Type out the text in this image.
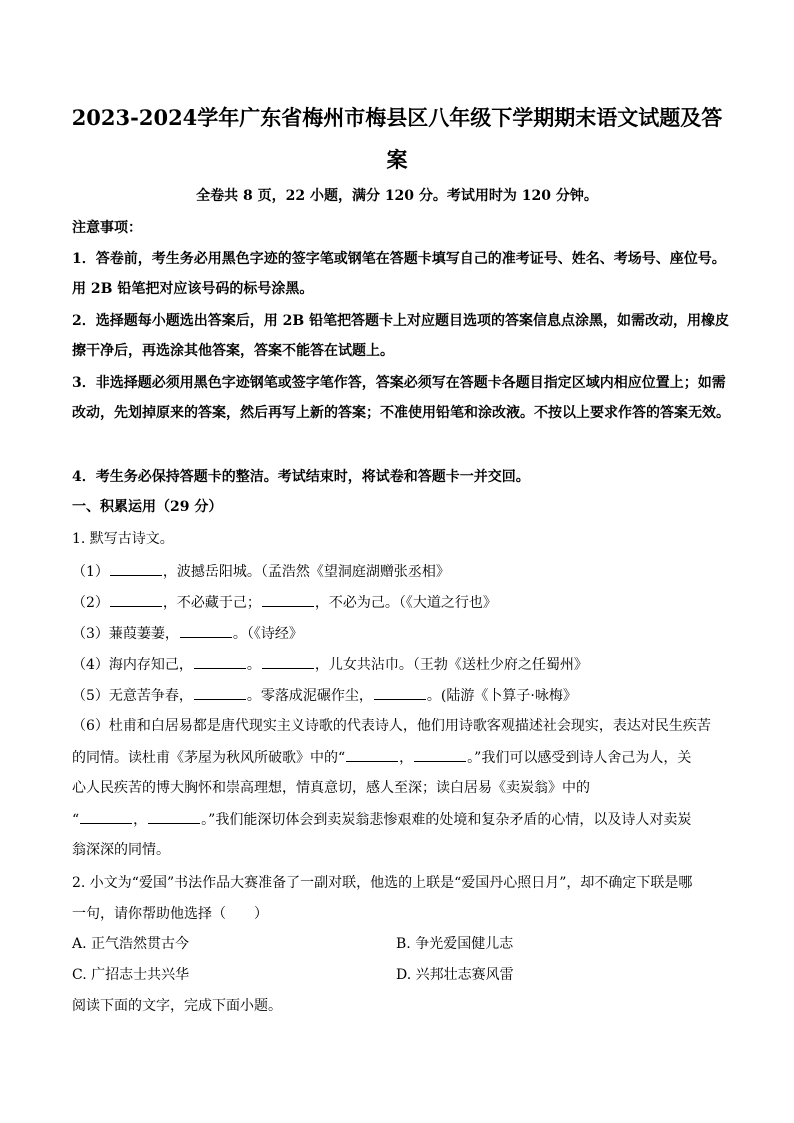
2023-2024学年广东省梅州市梅县区八年级下学期期末语文试题及答
案
全卷共 8 页，22 小题，满分 120 分。考试用时为 120 分钟。
注意事项：
1．答卷前，考生务必用黑色字迹的签字笔或钢笔在答题卡填写自己的准考证号、姓名、考场号、座位号。
用 2B 铅笔把对应该号码的标号涂黑。
2．选择题每小题选出答案后，用 2B 铅笔把答题卡上对应题目选项的答案信息点涂黑，如需改动，用橡皮
擦干净后，再选涂其他答案，答案不能答在试题上。
3．非选择题必须用黑色字迹钢笔或签字笔作答，答案必须写在答题卡各题目指定区域内相应位置上；如需
改动，先划掉原来的答案，然后再写上新的答案；不准使用铅笔和涂改液。不按以上要求作答的答案无效。
4．考生务必保持答题卡的整洁。考试结束时，将试卷和答题卡一并交回。
一、积累运用（29 分）
1. 默写古诗文。
（1）	，波撼岳阳城。（孟浩然《望洞庭湖赠张丞相》
（2）	，不必藏于己；	，不必为己。（《大道之行也》
（3）蒹葭萋萋，	。（《诗经》
（4）海内存知己，	。	，儿女共沾巾。（王勃《送杜少府之任蜀州》
（5）无意苦争春，	。零落成泥碾作尘，	。(陆游《卜算子·咏梅》
（6）杜甫和白居易都是唐代现实主义诗歌的代表诗人，他们用诗歌客观描述社会现实，表达对民生疾苦
的同情。读杜甫《茅屋为秋风所破歌》中的“	，	。”我们可以感受到诗人舍己为人，关
心人民疾苦的博大胸怀和崇高理想，情真意切，感人至深；读白居易《卖炭翁》中的
“	，	。”我们能深切体会到卖炭翁悲惨艰难的处境和复杂矛盾的心情，以及诗人对卖炭
翁深深的同情。
2. 小文为“爱国”书法作品大赛准备了一副对联，他选的上联是“爱国丹心照日月”，却不确定下联是哪
一句，请你帮助他选择（　　）
A. 正气浩然贯古今	B. 争光爱国健儿志
C. 广招志士共兴华	D. 兴邦壮志赛风雷
阅读下面的文字，完成下面小题。
